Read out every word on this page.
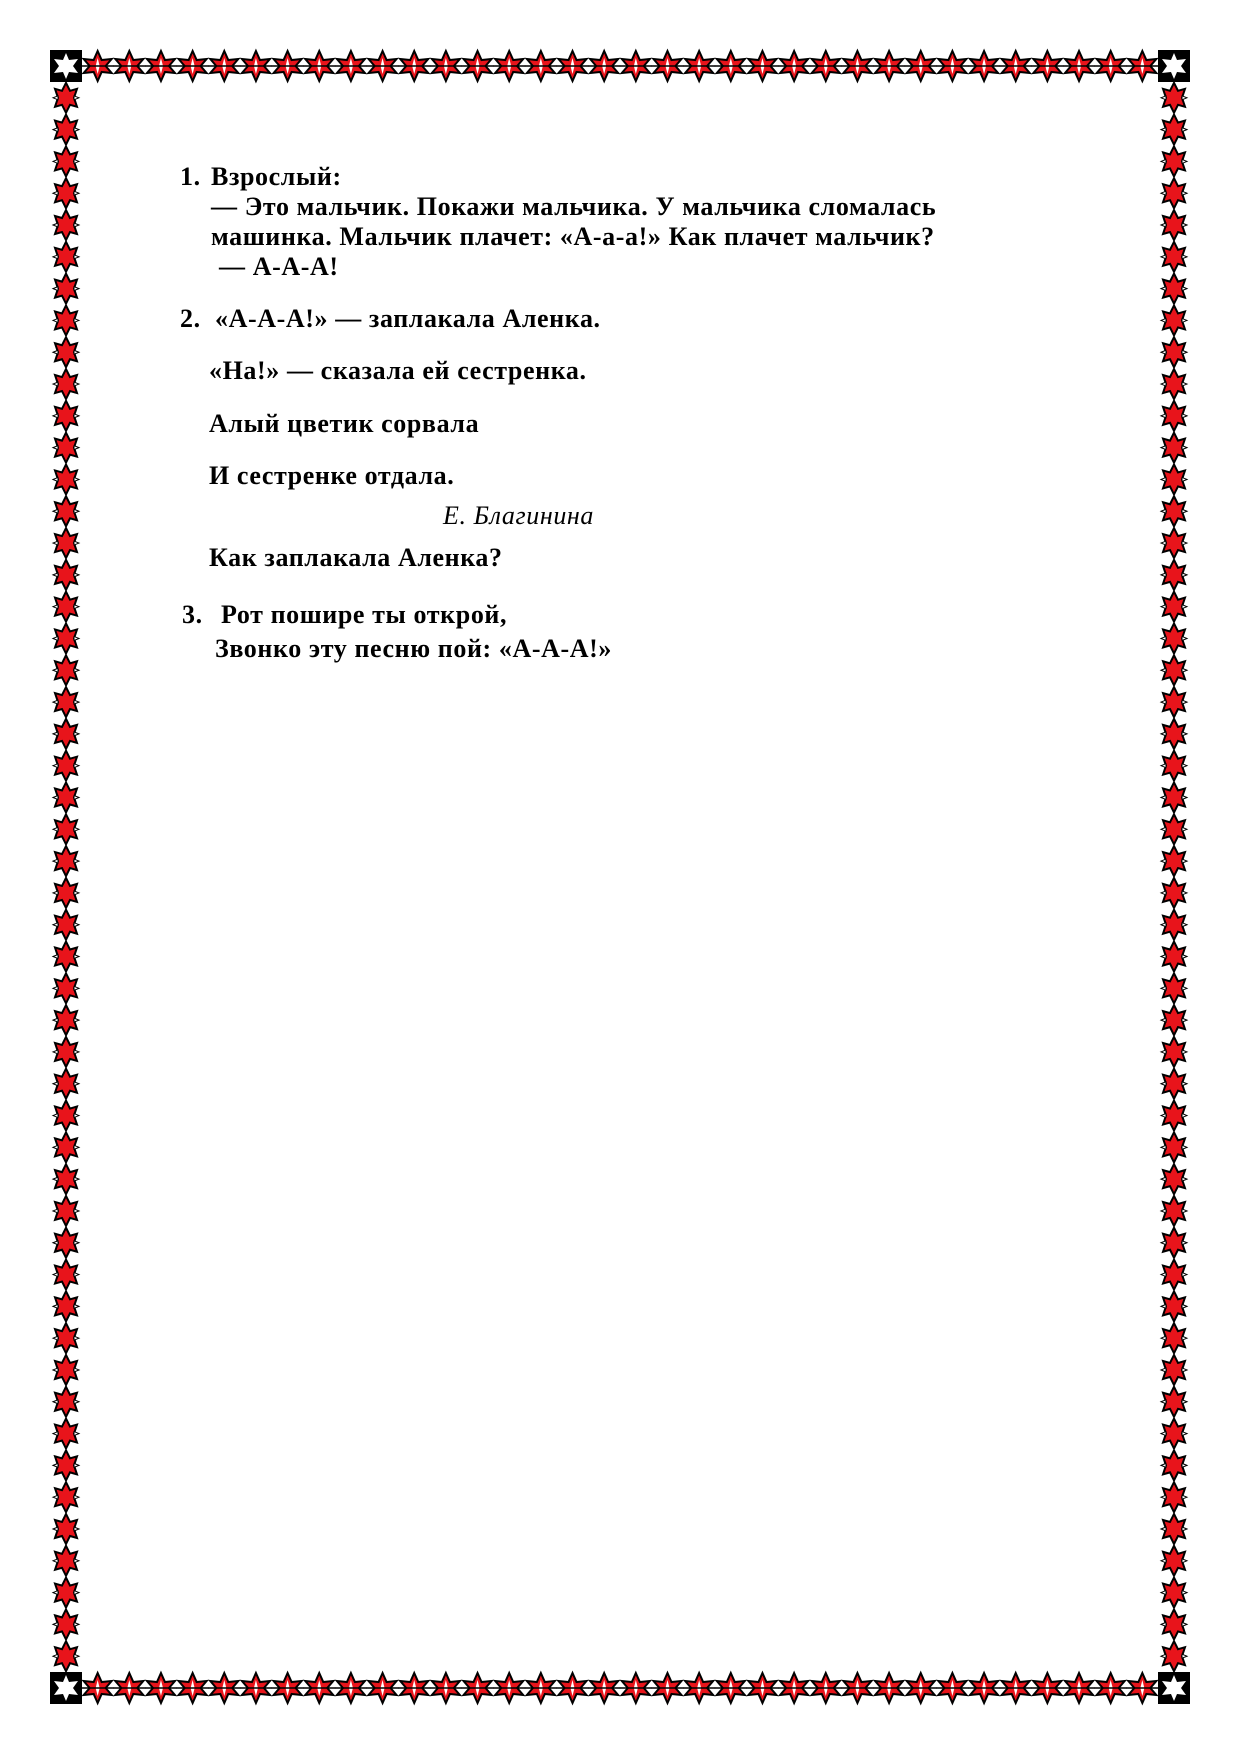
1. Взрослый:
— Это мальчик. Покажи мальчика. У мальчика сломалась
машинка. Мальчик плачет: «А-а-а!» Как плачет мальчик?
— А-А-А!
2. «А-А-А!» — заплакала Аленка.
«На!» — сказала ей сестренка.
Алый цветик сорвала
И сестренке отдала.
Е. Благинина
Как заплакала Аленка?
3. Рот пошире ты открой,
Звонко эту песню пой: «А-А-А!»
